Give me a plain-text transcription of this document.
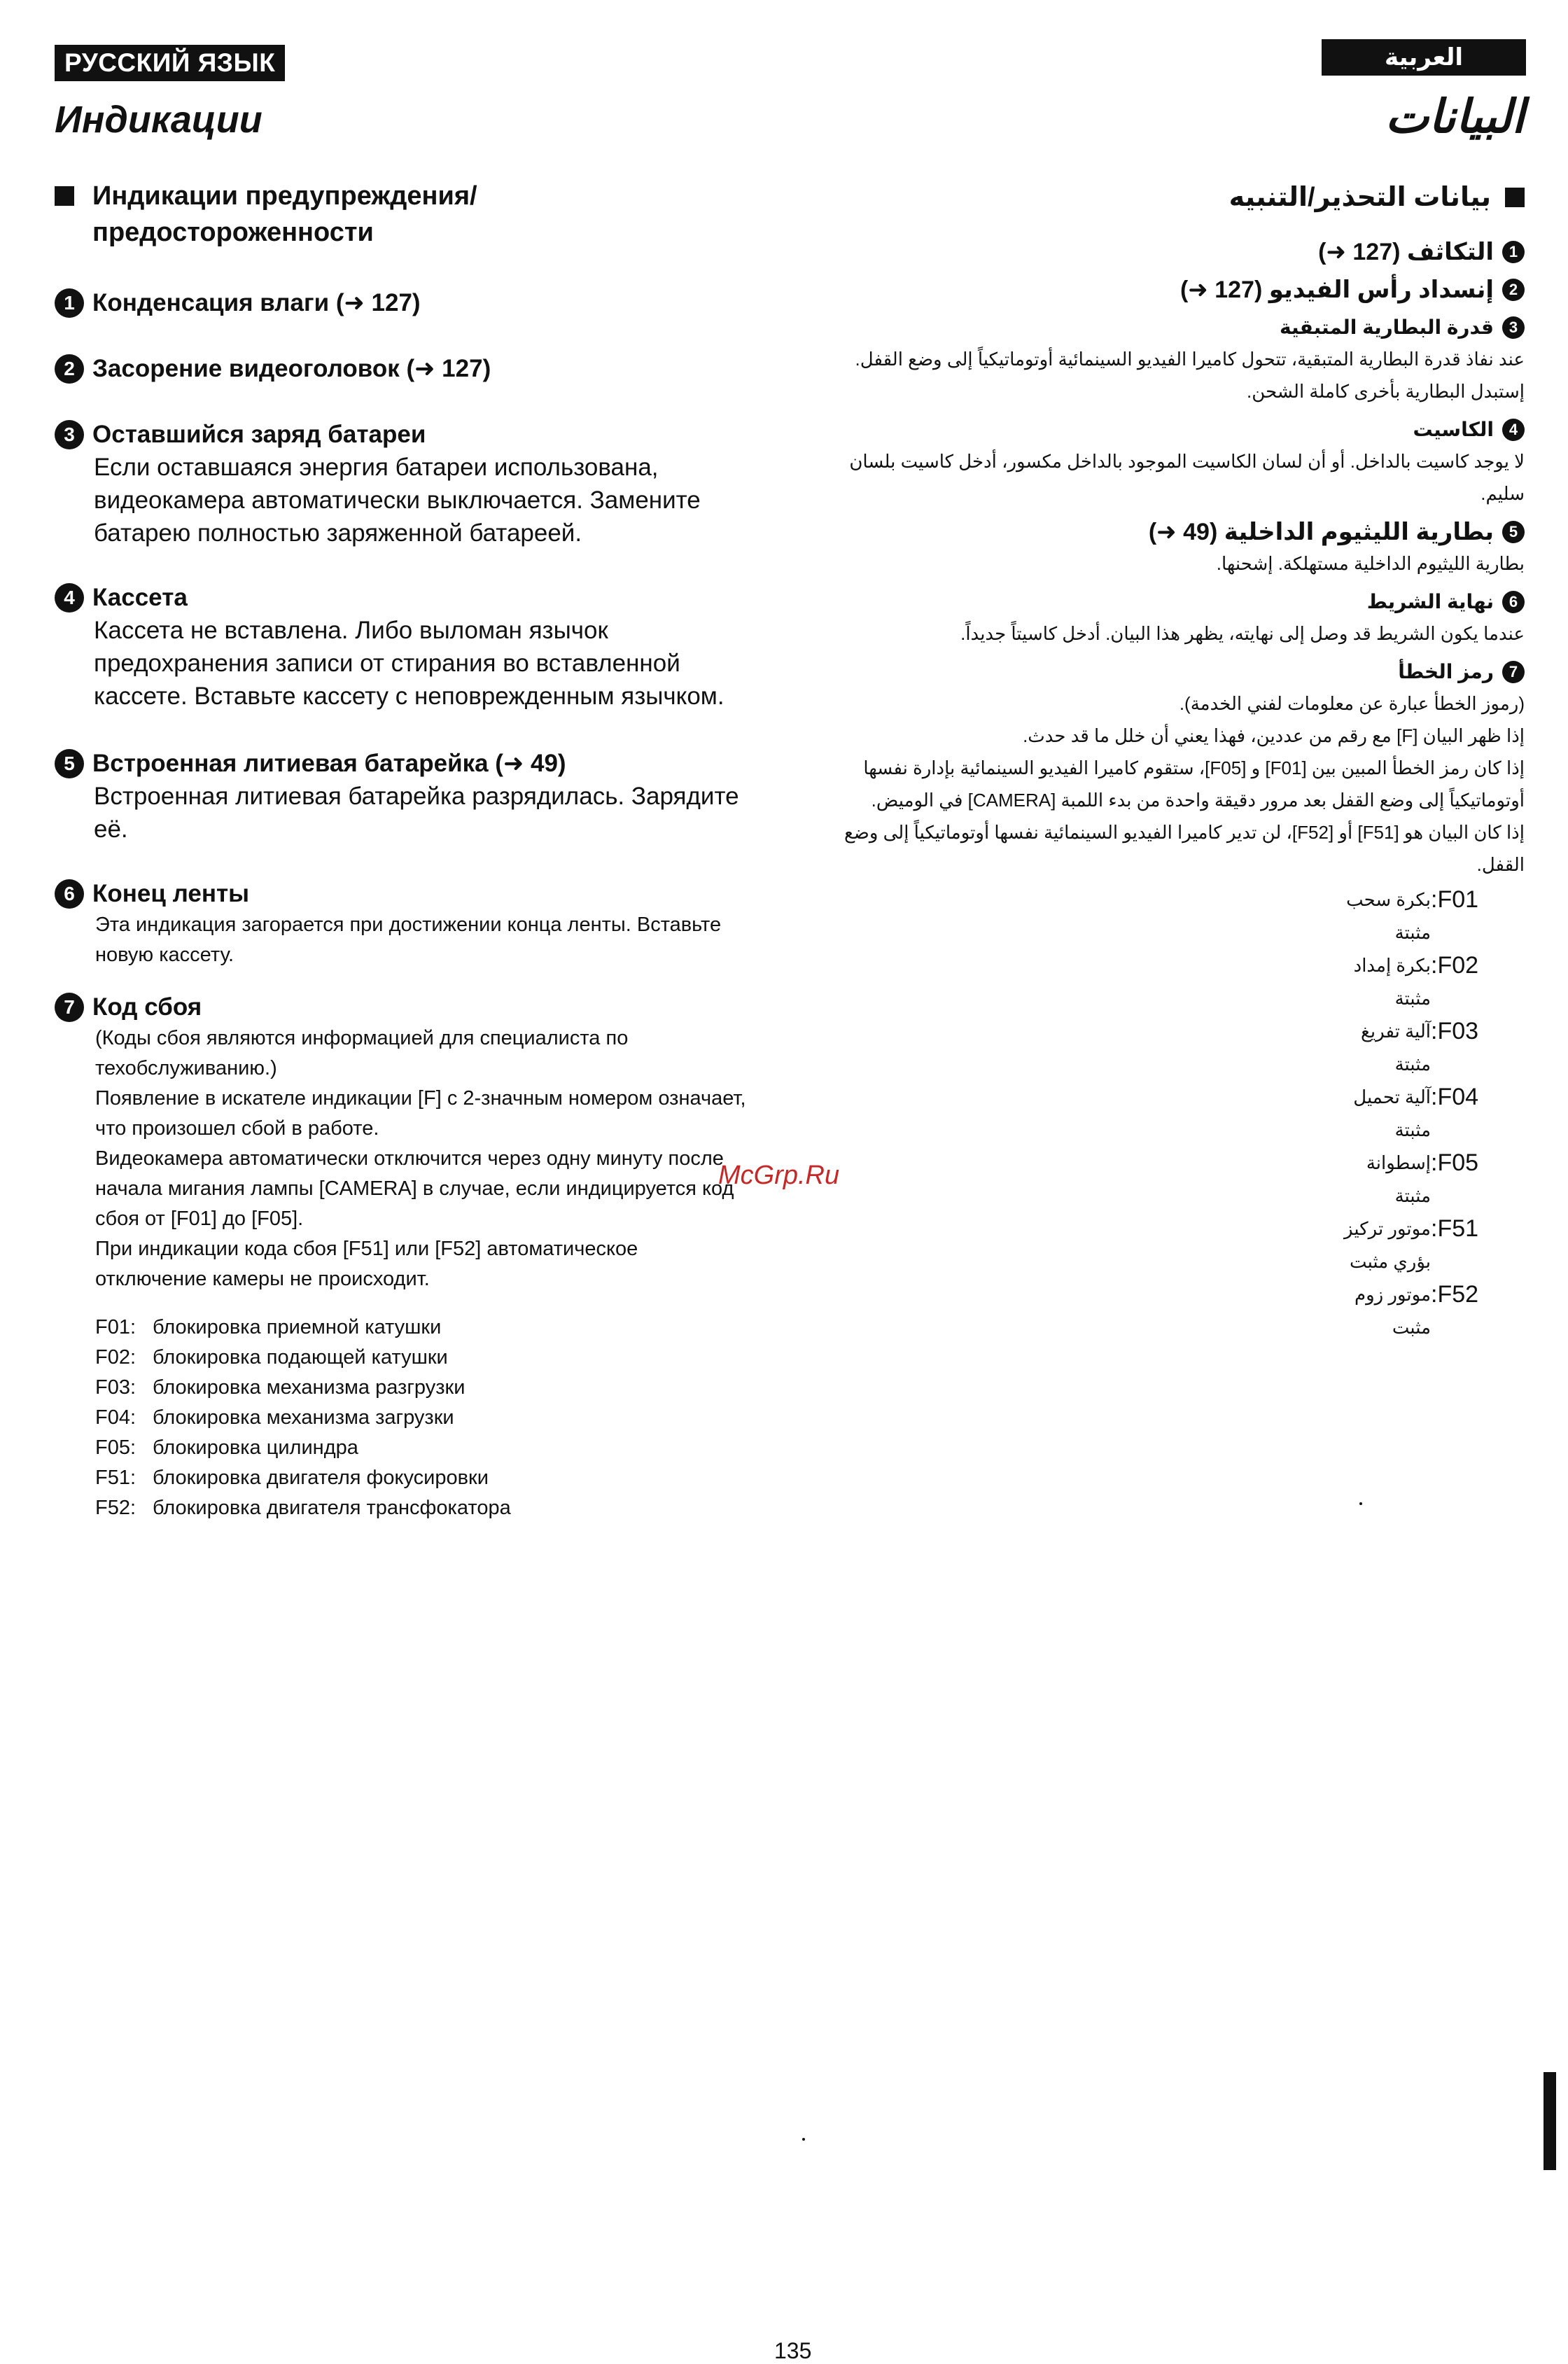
РУССКИЙ ЯЗЫК	العربية
Индикации	البيانات
Индикации предупреждения/ предостороженности
1 Конденсация влаги (➜ 127)
2 Засорение видеоголовок (➜ 127)
3 Оставшийся заряд батареи
Если оставшаяся энергия батареи использована, видеокамера автоматически выключается. Замените батарею полностью заряженной батареей.
4 Кассета
Кассета не вставлена. Либо выломан язычок предохранения записи от стирания во вставленной кассете. Вставьте кассету с неповрежденным язычком.
5 Встроенная литиевая батарейка (➜ 49)
Встроенная литиевая батарейка разрядилась. Зарядите её.
6 Конец ленты
Эта индикация загорается при достижении конца ленты. Вставьте новую кассету.
7 Код сбоя

(Коды сбоя являются информацией для специалиста по техобслуживанию.)

Появление в искателе индикации [F] с 2-значным номером означает, что произошел сбой в работе.

Видеокамера автоматически отключится через одну минуту после начала мигания лампы [CAMERA] в случае, если индицируется код сбоя от [F01] до [F05].

При индикации кода сбоя [F51] или [F52] автоматическое отключение камеры не происходит.

F01: блокировка приемной катушки
F02: блокировка подающей катушки
F03: блокировка механизма разгрузки
F04: блокировка механизма загрузки
F05: блокировка цилиндра
F51: блокировка двигателя фокусировки
F52: блокировка двигателя трансфокатора
بيانات التحذير/التنبيه
1
التكاثف (127 ➜)
2
إنسداد رأس الفيديو (127 ➜)
3
قدرة البطارية المتبقية
عند نفاذ قدرة البطارية المتبقية، تتحول كاميرا الفيديو السينمائية أوتوماتيكياً إلى وضع القفل. إستبدل البطارية بأخرى كاملة الشحن.
4
الكاسيت
لا يوجد كاسيت بالداخل. أو أن لسان الكاسيت الموجود بالداخل مكسور، أدخل كاسيت بلسان سليم.
5
بطارية الليثيوم الداخلية (49 ➜)
بطارية الليثيوم الداخلية مستهلكة. إشحنها.
6
نهاية الشريط
عندما يكون الشريط قد وصل إلى نهايته، يظهر هذا البيان. أدخل كاسيتاً جديداً.
7
رمز الخطأ

(رموز الخطأ عبارة عن معلومات لفني الخدمة).

إذا ظهر البيان [F] مع رقم من عددين، فهذا يعني أن خلل ما قد حدث.

إذا كان رمز الخطأ المبين بين [F01] و [F05]، ستقوم كاميرا الفيديو السينمائية بإدارة نفسها أوتوماتيكياً إلى وضع القفل بعد مرور دقيقة واحدة من بدء اللمبة [CAMERA] في الوميض.

إذا كان البيان هو [F51] أو [F52]، لن تدير كاميرا الفيديو السينمائية نفسها أوتوماتيكياً إلى وضع القفل.

:F01
بكرة سحب مثبتة
:F02
بكرة إمداد مثبتة
:F03
آلية تفريغ مثبتة
:F04
آلية تحميل مثبتة
:F05
إسطوانة مثبتة
:F51
موتور تركيز بؤري مثبت
:F52
موتور زوم مثبت
McGrp.Ru
135
